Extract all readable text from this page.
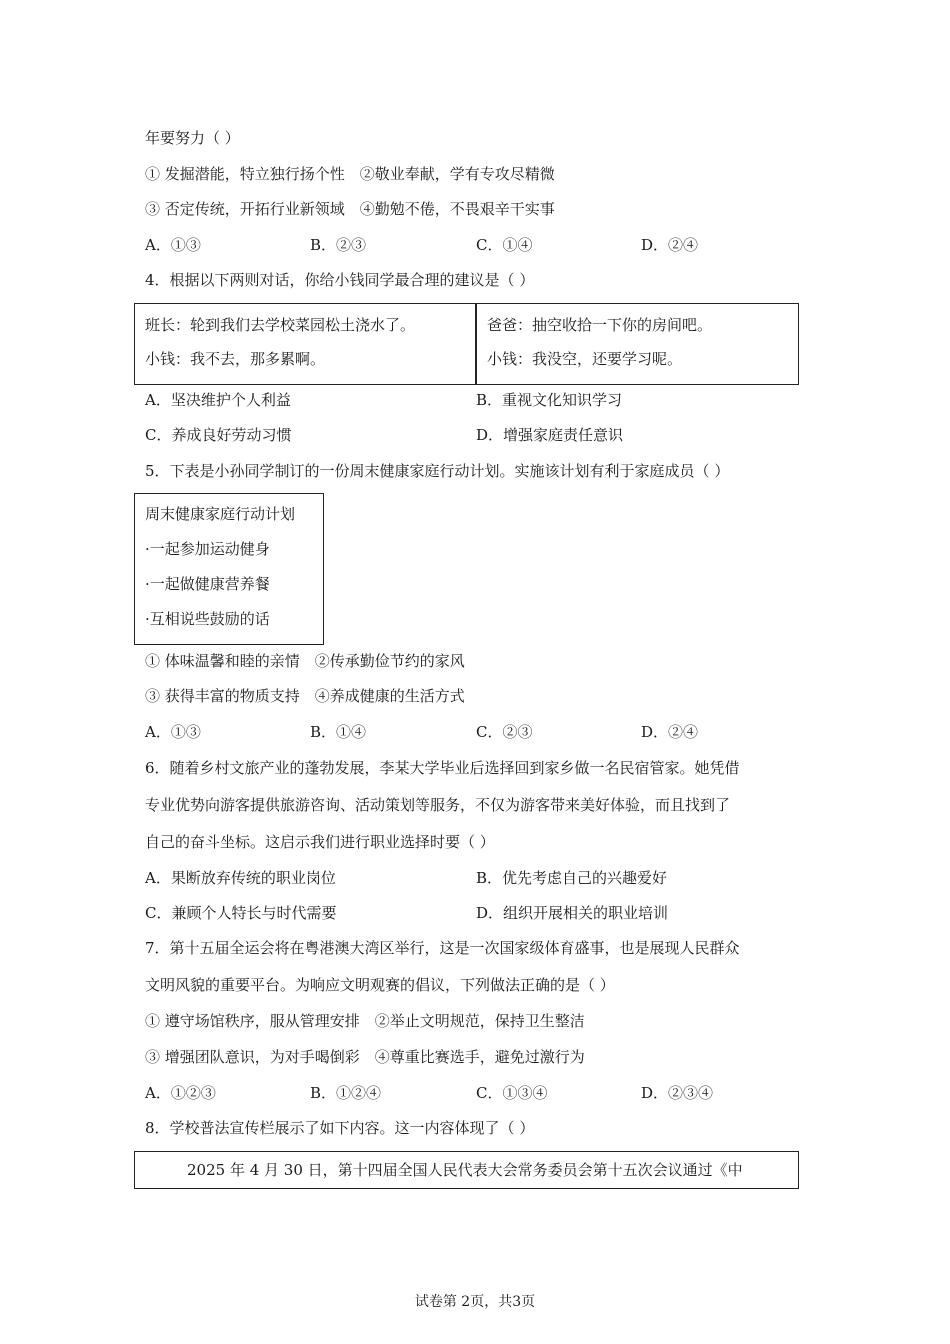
年要努力（ ）
① 发掘潜能，特立独行扬个性　②敬业奉献，学有专攻尽精微
③ 否定传统，开拓行业新领域　④勤勉不倦，不畏艰辛干实事
A．①③	B．②③	C．①④	D．②④
4．根据以下两则对话，你给小钱同学最合理的建议是（ ）
班长：轮到我们去学校菜园松土浇水了。
小钱：我不去，那多累啊。
爸爸：抽空收拾一下你的房间吧。
小钱：我没空，还要学习呢。
A．坚决维护个人利益	B．重视文化知识学习
C．养成良好劳动习惯	D．增强家庭责任意识
5．下表是小孙同学制订的一份周末健康家庭行动计划。实施该计划有利于家庭成员（ ）
周末健康家庭行动计划
·一起参加运动健身
·一起做健康营养餐
·互相说些鼓励的话
① 体味温馨和睦的亲情　②传承勤俭节约的家风
③ 获得丰富的物质支持　④养成健康的生活方式
A．①③	B．①④	C．②③	D．②④
6．随着乡村文旅产业的蓬勃发展，李某大学毕业后选择回到家乡做一名民宿管家。她凭借
专业优势向游客提供旅游咨询、活动策划等服务，不仅为游客带来美好体验，而且找到了
自己的奋斗坐标。这启示我们进行职业选择时要（ ）
A．果断放弃传统的职业岗位	B．优先考虑自己的兴趣爱好
C．兼顾个人特长与时代需要	D．组织开展相关的职业培训
7．第十五届全运会将在粤港澳大湾区举行，这是一次国家级体育盛事，也是展现人民群众
文明风貌的重要平台。为响应文明观赛的倡议，下列做法正确的是（ ）
① 遵守场馆秩序，服从管理安排　②举止文明规范，保持卫生整洁
③ 增强团队意识，为对手喝倒彩　④尊重比赛选手，避免过激行为
A．①②③	B．①②④	C．①③④	D．②③④
8．学校普法宣传栏展示了如下内容。这一内容体现了（ ）
2025 年 4 月 30 日，第十四届全国人民代表大会常务委员会第十五次会议通过《中
试卷第 2页，共3页
